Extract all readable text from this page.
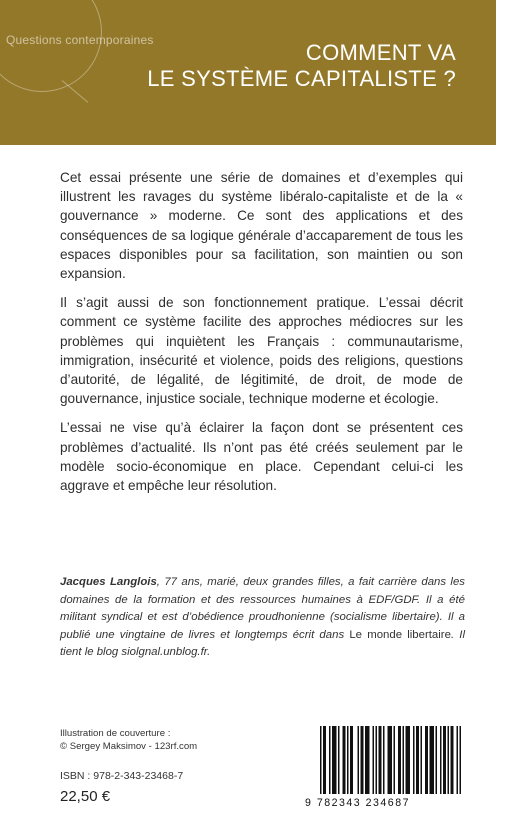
Questions contemporaines	COMMENT VA
LE SYSTÈME CAPITALISTE ?

Cet essai présente une série de domaines et d’exemples qui illustrent les ravages du système libéralo-capitaliste et de la « gouvernance » moderne. Ce sont des applications et des conséquences de sa logique générale d’accaparement de tous les espaces disponibles pour sa facilitation, son maintien ou son expansion.

Il s’agit aussi de son fonctionnement pratique. L’essai décrit comment ce système facilite des approches médiocres sur les problèmes qui inquiètent les Français : communautarisme, immigration, insécurité et violence, poids des religions, questions d’autorité, de légalité, de légitimité, de droit, de mode de gouvernance, injustice sociale, technique moderne et écologie.

L’essai ne vise qu’à éclairer la façon dont se présentent ces problèmes d’actualité. Ils n’ont pas été créés seulement par le modèle socio-économique en place. Cependant celui-ci les aggrave et empêche leur résolution.

Jacques Langlois, 77 ans, marié, deux grandes filles, a fait carrière dans les domaines de la formation et des ressources humaines à EDF/GDF. Il a été militant syndical et est d’obédience proudhonienne (socialisme libertaire). Il a publié une vingtaine de livres et longtemps écrit dans Le monde libertaire. Il tient le blog siolgnal.unblog.fr.
Illustration de couverture :
© Sergey Maksimov - 123rf.com
ISBN : 978-2-343-23468-7
22,50 €	9 782343 234687
